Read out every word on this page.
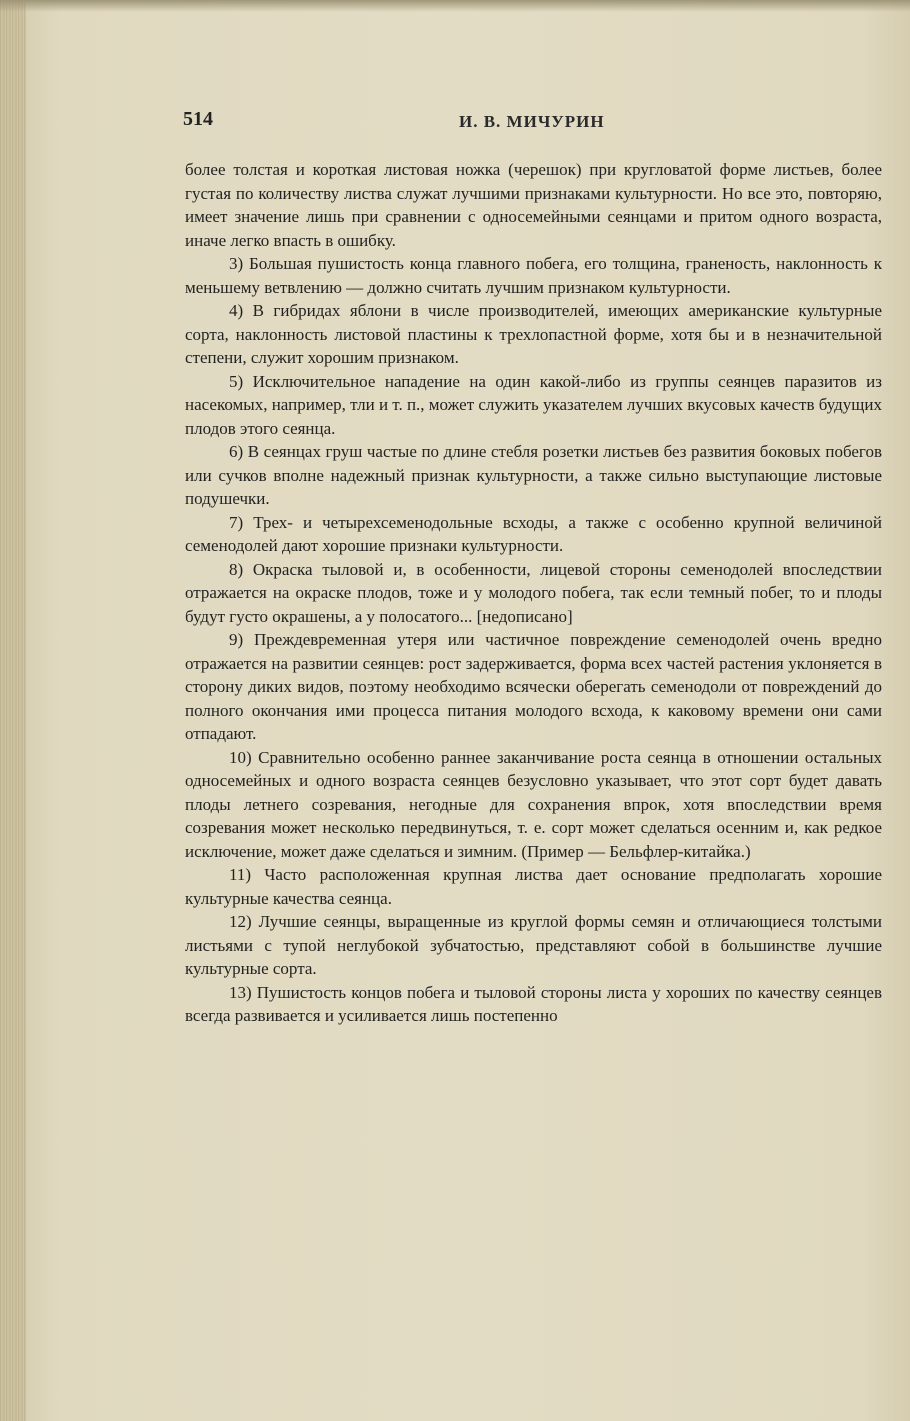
514	И. В. МИЧУРИН

более толстая и короткая листовая ножка (черешок) при кругловатой форме листьев, более густая по количеству листва служат лучшими признаками культурности. Но все это, повторяю, имеет значение лишь при сравнении с односемейными сеянцами и притом одного возраста, иначе легко впасть в ошибку.

3) Большая пушистость конца главного побега, его толщина, граненость, наклонность к меньшему ветвлению — должно считать лучшим признаком культурности.

4) В гибридах яблони в числе производителей, имеющих американские культурные сорта, наклонность листовой пластины к трехлопастной форме, хотя бы и в незначительной степени, служит хорошим признаком.

5) Исключительное нападение на один какой-либо из группы сеянцев паразитов из насекомых, например, тли и т. п., может служить указателем лучших вкусовых качеств будущих плодов этого сеянца.

6) В сеянцах груш частые по длине стебля розетки листьев без развития боковых побегов или сучков вполне надежный признак культурности, а также сильно выступающие листовые подушечки.

7) Трех- и четырехсеменодольные всходы, а также с особенно крупной величиной семенодолей дают хорошие признаки культурности.

8) Окраска тыловой и, в особенности, лицевой стороны семенодолей впоследствии отражается на окраске плодов, тоже и у молодого побега, так если темный побег, то и плоды будут густо окрашены, а у полосатого... [недописано]

9) Преждевременная утеря или частичное повреждение семенодолей очень вредно отражается на развитии сеянцев: рост задерживается, форма всех частей растения уклоняется в сторону диких видов, поэтому необходимо всячески оберегать семенодоли от повреждений до полного окончания ими процесса питания молодого всхода, к каковому времени они сами отпадают.

10) Сравнительно особенно раннее заканчивание роста сеянца в отношении остальных односемейных и одного возраста сеянцев безусловно указывает, что этот сорт будет давать плоды летнего созревания, негодные для сохранения впрок, хотя впоследствии время созревания может несколько передвинуться, т. е. сорт может сделаться осенним и, как редкое исключение, может даже сделаться и зимним. (Пример — Бельфлер-китайка.)

11) Часто расположенная крупная листва дает основание предполагать хорошие культурные качества сеянца.

12) Лучшие сеянцы, выращенные из круглой формы семян и отличающиеся толстыми листьями с тупой неглубокой зубчатостью, представляют собой в большинстве лучшие культурные сорта.

13) Пушистость концов побега и тыловой стороны листа у хороших по качеству сеянцев всегда развивается и усиливается лишь постепенно
